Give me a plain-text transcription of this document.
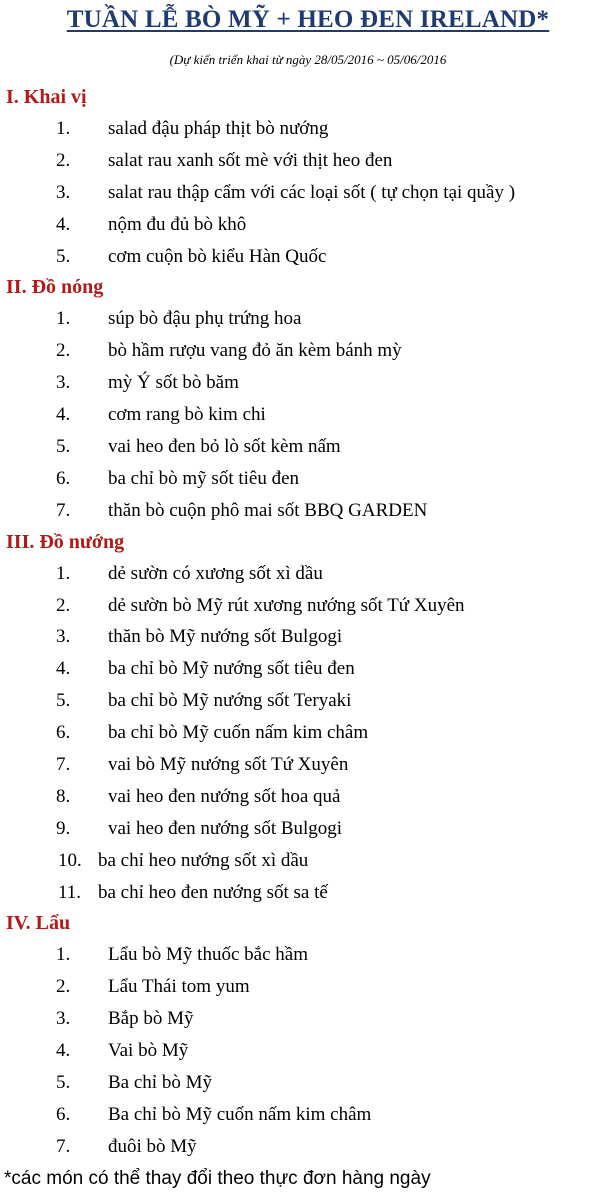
TUẦN LỄ BÒ MỸ + HEO ĐEN IRELAND*
(Dự kiến triển khai từ ngày 28/05/2016 ~ 05/06/2016
I. Khai vị
1. salad đậu pháp thịt bò nướng
2. salat rau xanh sốt mè với thịt heo đen
3. salat rau thập cẩm với các loại sốt ( tự chọn tại quầy )
4. nộm đu đủ bò khô
5. cơm cuộn bò kiểu Hàn Quốc
II. Đồ nóng
1. súp bò đậu phụ trứng hoa
2. bò hầm rượu vang đỏ ăn kèm bánh mỳ
3. mỳ Ý sốt bò băm
4. cơm rang bò kim chi
5. vai heo đen bỏ lò sốt kèm nấm
6. ba chỉ bò mỹ sốt tiêu đen
7. thăn bò cuộn phô mai sốt BBQ GARDEN
III. Đồ nướng
1. dẻ sườn có xương sốt xì dầu
2. dẻ sườn bò Mỹ rút xương nướng sốt Tứ Xuyên
3. thăn bò Mỹ nướng sốt Bulgogi
4. ba chỉ bò Mỹ nướng sốt tiêu đen
5. ba chỉ bò Mỹ nướng sốt Teryaki
6. ba chỉ bò Mỹ cuốn nấm kim châm
7. vai bò Mỹ nướng sốt Tứ Xuyên
8. vai heo đen nướng sốt hoa quả
9. vai heo đen nướng sốt Bulgogi
10. ba chỉ heo nướng sốt xì dầu
11. ba chỉ heo đen nướng sốt sa tế
IV. Lẩu
1. Lẩu bò Mỹ thuốc bắc hầm
2. Lẩu Thái tom yum
3. Bắp bò Mỹ
4. Vai bò Mỹ
5. Ba chỉ bò Mỹ
6. Ba chỉ bò Mỹ cuốn nấm kim châm
7. đuôi bò Mỹ
*các món có thể thay đổi theo thực đơn hàng ngày
